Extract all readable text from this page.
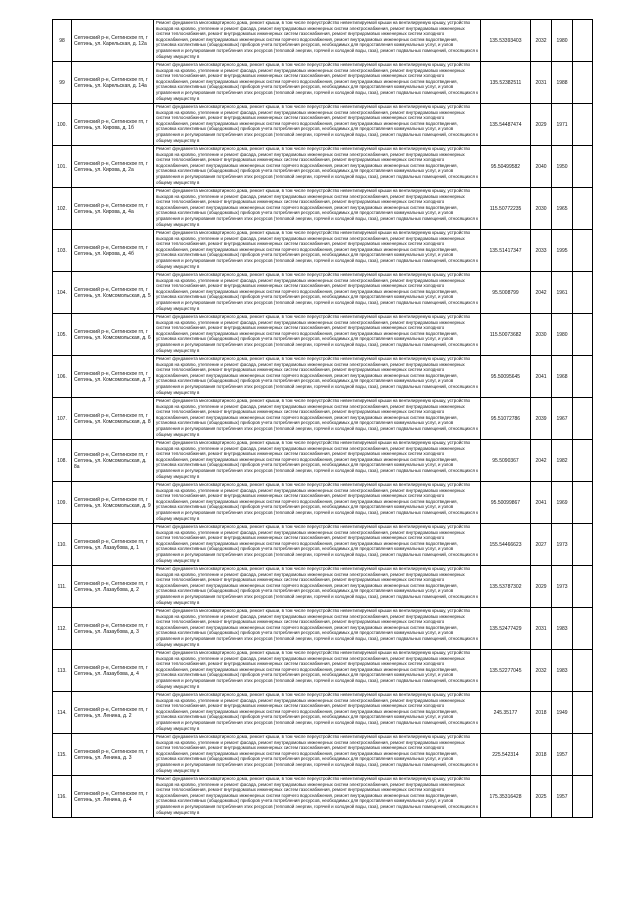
98	Сеггинский р-н, Сеггинское гп, г Сеггинь, ул. Карельская, д. 12а	Ремонт фундамента многоквартирного дома, ремонт крыши, в том числе переустройство невентилируемой крыши на вентилируемую крышу, устройство выходов на кровлю, утепление и ремонт фасада, ремонт внутридомовых инженерных систем электроснабжения, ремонт внутридомовых инженерных систем теплоснабжения, ремонт внутридомовых инженерных систем газоснабжения, ремонт внутридомовых инженерных систем холодного водоснабжения, ремонт внутридомовых инженерных систем горячего водоснабжения, ремонт внутридомовых инженерных систем водоотведения, установка коллективных (общедомовых) приборов учета потребления ресурсов, необходимых для предоставления коммунальных услуг, и узлов управления и регулирования потребления этих ресурсов (тепловой энергии, горячей и холодной воды, газа), ремонт подвальных помещений, относящихся к общему имуществу в	135.53393403	2032	1980	
99	Сеггинский р-н, Сеггинское гп, г Сеггинь, ул. Карельская, д. 14а	Ремонт фундамента многоквартирного дома, ремонт крыши, в том числе переустройство невентилируемой крыши на вентилируемую крышу, устройство выходов на кровлю, утепление и ремонт фасада, ремонт внутридомовых инженерных систем электроснабжения, ремонт внутридомовых инженерных систем теплоснабжения, ремонт внутридомовых инженерных систем газоснабжения, ремонт внутридомовых инженерных систем холодного водоснабжения, ремонт внутридомовых инженерных систем горячего водоснабжения, ремонт внутридомовых инженерных систем водоотведения, установка коллективных (общедомовых) приборов учета потребления ресурсов, необходимых для предоставления коммунальных услуг, и узлов управления и регулирования потребления этих ресурсов (тепловой энергии, горячей и холодной воды, газа), ремонт подвальных помещений, относящихся к общему имуществу в	135.52382511	2031	1988	
100.	Сеггинский р-н, Сеггинское гп, г Сеггинь, ул. Кирова, д. 1б	Ремонт фундамента многоквартирного дома, ремонт крыши, в том числе переустройство невентилируемой крыши на вентилируемую крышу, устройство выходов на кровлю, утепление и ремонт фасада, ремонт внутридомовых инженерных систем электроснабжения, ремонт внутридомовых инженерных систем теплоснабжения, ремонт внутридомовых инженерных систем газоснабжения, ремонт внутридомовых инженерных систем холодного водоснабжения, ремонт внутридомовых инженерных систем горячего водоснабжения, ремонт внутридомовых инженерных систем водоотведения, установка коллективных (общедомовых) приборов учета потребления ресурсов, необходимых для предоставления коммунальных услуг, и узлов управления и регулирования потребления этих ресурсов (тепловой энергии, горячей и холодной воды, газа), ремонт подвальных помещений, относящихся к общему имуществу в	135.54487474	2029	1971	
101.	Сеггинский р-н, Сеггинское гп, г Сеггинь, ул. Кирова, д. 2а	Ремонт фундамента многоквартирного дома, ремонт крыши, в том числе переустройство невентилируемой крыши на вентилируемую крышу, устройство выходов на кровлю, утепление и ремонт фасада, ремонт внутридомовых инженерных систем электроснабжения, ремонт внутридомовых инженерных систем теплоснабжения, ремонт внутридомовых инженерных систем газоснабжения, ремонт внутридомовых инженерных систем холодного водоснабжения, ремонт внутридомовых инженерных систем горячего водоснабжения, ремонт внутридомовых инженерных систем водоотведения, установка коллективных (общедомовых) приборов учета потребления ресурсов, необходимых для предоставления коммунальных услуг, и узлов управления и регулирования потребления этих ресурсов (тепловой энергии, горячей и холодной воды, газа), ремонт подвальных помещений, относящихся к общему имуществу в	95.50499582	2040	1950	
102.	Сеггинский р-н, Сеггинское гп, г Сеггинь, ул. Кирова, д. 4а	Ремонт фундамента многоквартирного дома, ремонт крыши, в том числе переустройство невентилируемой крыши на вентилируемую крышу, устройство выходов на кровлю, утепление и ремонт фасада, ремонт внутридомовых инженерных систем электроснабжения, ремонт внутридомовых инженерных систем теплоснабжения, ремонт внутридомовых инженерных систем газоснабжения, ремонт внутридомовых инженерных систем холодного водоснабжения, ремонт внутридомовых инженерных систем горячего водоснабжения, ремонт внутридомовых инженерных систем водоотведения, установка коллективных (общедомовых) приборов учета потребления ресурсов, необходимых для предоставления коммунальных услуг, и узлов управления и регулирования потребления этих ресурсов (тепловой энергии, горячей и холодной воды, газа), ремонт подвальных помещений, относящихся к общему имуществу в	115.50772235	2030	1965	
103.	Сеггинский р-н, Сеггинское гп, г Сеггинь, ул. Кирова, д. 4б	Ремонт фундамента многоквартирного дома, ремонт крыши, в том числе переустройство невентилируемой крыши на вентилируемую крышу, устройство выходов на кровлю, утепление и ремонт фасада, ремонт внутридомовых инженерных систем электроснабжения, ремонт внутридомовых инженерных систем теплоснабжения, ремонт внутридомовых инженерных систем газоснабжения, ремонт внутридомовых инженерных систем холодного водоснабжения, ремонт внутридомовых инженерных систем горячего водоснабжения, ремонт внутридомовых инженерных систем водоотведения, установка коллективных (общедомовых) приборов учета потребления ресурсов, необходимых для предоставления коммунальных услуг, и узлов управления и регулирования потребления этих ресурсов (тепловой энергии, горячей и холодной воды, газа), ремонт подвальных помещений, относящихся к общему имуществу в	135.51417347	2033	1995	
104.	Сеггинский р-н, Сеггинское гп, г Сеггинь, ул. Комсомольская, д. 5	Ремонт фундамента многоквартирного дома, ремонт крыши, в том числе переустройство невентилируемой крыши на вентилируемую крышу, устройство выходов на кровлю, утепление и ремонт фасада, ремонт внутридомовых инженерных систем электроснабжения, ремонт внутридомовых инженерных систем теплоснабжения, ремонт внутридомовых инженерных систем газоснабжения, ремонт внутридомовых инженерных систем холодного водоснабжения, ремонт внутридомовых инженерных систем горячего водоснабжения, ремонт внутридомовых инженерных систем водоотведения, установка коллективных (общедомовых) приборов учета потребления ресурсов, необходимых для предоставления коммунальных услуг, и узлов управления и регулирования потребления этих ресурсов (тепловой энергии, горячей и холодной воды, газа), ремонт подвальных помещений, относящихся к общему имуществу в	95.5008799	2042	1961	
105.	Сеггинский р-н, Сеггинское гп, г Сеггинь, ул. Комсомольская, д. 6	Ремонт фундамента многоквартирного дома, ремонт крыши, в том числе переустройство невентилируемой крыши на вентилируемую крышу, устройство выходов на кровлю, утепление и ремонт фасада, ремонт внутридомовых инженерных систем электроснабжения, ремонт внутридомовых инженерных систем теплоснабжения, ремонт внутридомовых инженерных систем газоснабжения, ремонт внутридомовых инженерных систем холодного водоснабжения, ремонт внутридомовых инженерных систем горячего водоснабжения, ремонт внутридомовых инженерных систем водоотведения, установка коллективных (общедомовых) приборов учета потребления ресурсов, необходимых для предоставления коммунальных услуг, и узлов управления и регулирования потребления этих ресурсов (тепловой энергии, горячей и холодной воды, газа), ремонт подвальных помещений, относящихся к общему имуществу в	115.50073682	2030	1980	
106.	Сеггинский р-н, Сеггинское гп, г Сеггинь, ул. Комсомольская, д. 7	Ремонт фундамента многоквартирного дома, ремонт крыши, в том числе переустройство невентилируемой крыши на вентилируемую крышу, устройство выходов на кровлю, утепление и ремонт фасада, ремонт внутридомовых инженерных систем электроснабжения, ремонт внутридомовых инженерных систем теплоснабжения, ремонт внутридомовых инженерных систем газоснабжения, ремонт внутридомовых инженерных систем холодного водоснабжения, ремонт внутридомовых инженерных систем горячего водоснабжения, ремонт внутридомовых инженерных систем водоотведения, установка коллективных (общедомовых) приборов учета потребления ресурсов, необходимых для предоставления коммунальных услуг, и узлов управления и регулирования потребления этих ресурсов (тепловой энергии, горячей и холодной воды, газа), ремонт подвальных помещений, относящихся к общему имуществу в	95.50095645	2041	1968	
107.	Сеггинский р-н, Сеггинское гп, г Сеггинь, ул. Комсомольская, д. 8	Ремонт фундамента многоквартирного дома, ремонт крыши, в том числе переустройство невентилируемой крыши на вентилируемую крышу, устройство выходов на кровлю, утепление и ремонт фасада, ремонт внутридомовых инженерных систем электроснабжения, ремонт внутридомовых инженерных систем теплоснабжения, ремонт внутридомовых инженерных систем газоснабжения, ремонт внутридомовых инженерных систем холодного водоснабжения, ремонт внутридомовых инженерных систем горячего водоснабжения, ремонт внутридомовых инженерных систем водоотведения, установка коллективных (общедомовых) приборов учета потребления ресурсов, необходимых для предоставления коммунальных услуг, и узлов управления и регулирования потребления этих ресурсов (тепловой энергии, горячей и холодной воды, газа), ремонт подвальных помещений, относящихся к общему имуществу в	95.51072786	2039	1967	
108.	Сеггинский р-н, Сеггинское гп, г Сеггинь, ул. Комсомольская, д. 8а	Ремонт фундамента многоквартирного дома, ремонт крыши, в том числе переустройство невентилируемой крыши на вентилируемую крышу, устройство выходов на кровлю, утепление и ремонт фасада, ремонт внутридомовых инженерных систем электроснабжения, ремонт внутридомовых инженерных систем теплоснабжения, ремонт внутридомовых инженерных систем газоснабжения, ремонт внутридомовых инженерных систем холодного водоснабжения, ремонт внутридомовых инженерных систем горячего водоснабжения, ремонт внутридомовых инженерных систем водоотведения, установка коллективных (общедомовых) приборов учета потребления ресурсов, необходимых для предоставления коммунальных услуг, и узлов управления и регулирования потребления этих ресурсов (тепловой энергии, горячей и холодной воды, газа), ремонт подвальных помещений, относящихся к общему имуществу в	95.5090367	2042	1982	
109.	Сеггинский р-н, Сеггинское гп, г Сеггинь, ул. Комсомольская, д. 9	Ремонт фундамента многоквартирного дома, ремонт крыши, в том числе переустройство невентилируемой крыши на вентилируемую крышу, устройство выходов на кровлю, утепление и ремонт фасада, ремонт внутридомовых инженерных систем электроснабжения, ремонт внутридомовых инженерных систем теплоснабжения, ремонт внутридомовых инженерных систем газоснабжения, ремонт внутридомовых инженерных систем холодного водоснабжения, ремонт внутридомовых инженерных систем горячего водоснабжения, ремонт внутридомовых инженерных систем водоотведения, установка коллективных (общедомовых) приборов учета потребления ресурсов, необходимых для предоставления коммунальных услуг, и узлов управления и регулирования потребления этих ресурсов (тепловой энергии, горячей и холодной воды, газа), ремонт подвальных помещений, относящихся к общему имуществу в	95.50099867	2041	1969	
110.	Сеггинский р-н, Сеггинское гп, г Сеггинь, ул. Лазаубова, д. 1	Ремонт фундамента многоквартирного дома, ремонт крыши, в том числе переустройство невентилируемой крыши на вентилируемую крышу, устройство выходов на кровлю, утепление и ремонт фасада, ремонт внутридомовых инженерных систем электроснабжения, ремонт внутридомовых инженерных систем теплоснабжения, ремонт внутридомовых инженерных систем газоснабжения, ремонт внутридомовых инженерных систем холодного водоснабжения, ремонт внутридомовых инженерных систем горячего водоснабжения, ремонт внутридомовых инженерных систем водоотведения, установка коллективных (общедомовых) приборов учета потребления ресурсов, необходимых для предоставления коммунальных услуг, и узлов управления и регулирования потребления этих ресурсов (тепловой энергии, горячей и холодной воды, газа), ремонт подвальных помещений, относящихся к общему имуществу в	155.54466623	2027	1973	
111.	Сеггинский р-н, Сеггинское гп, г Сеггинь, ул. Лазаубова, д. 2	Ремонт фундамента многоквартирного дома, ремонт крыши, в том числе переустройство невентилируемой крыши на вентилируемую крышу, устройство выходов на кровлю, утепление и ремонт фасада, ремонт внутридомовых инженерных систем электроснабжения, ремонт внутридомовых инженерных систем теплоснабжения, ремонт внутридомовых инженерных систем газоснабжения, ремонт внутридомовых инженерных систем холодного водоснабжения, ремонт внутридомовых инженерных систем горячего водоснабжения, ремонт внутридомовых инженерных систем водоотведения, установка коллективных (общедомовых) приборов учета потребления ресурсов, необходимых для предоставления коммунальных услуг, и узлов управления и регулирования потребления этих ресурсов (тепловой энергии, горячей и холодной воды, газа), ремонт подвальных помещений, относящихся к общему имуществу в	135.53787302	2029	1973	
112.	Сеггинский р-н, Сеггинское гп, г Сеггинь, ул. Лазаубова, д. 3	Ремонт фундамента многоквартирного дома, ремонт крыши, в том числе переустройство невентилируемой крыши на вентилируемую крышу, устройство выходов на кровлю, утепление и ремонт фасада, ремонт внутридомовых инженерных систем электроснабжения, ремонт внутридомовых инженерных систем теплоснабжения, ремонт внутридомовых инженерных систем газоснабжения, ремонт внутридомовых инженерных систем холодного водоснабжения, ремонт внутридомовых инженерных систем горячего водоснабжения, ремонт внутридомовых инженерных систем водоотведения, установка коллективных (общедомовых) приборов учета потребления ресурсов, необходимых для предоставления коммунальных услуг, и узлов управления и регулирования потребления этих ресурсов (тепловой энергии, горячей и холодной воды, газа), ремонт подвальных помещений, относящихся к общему имуществу в	135.52477429	2031	1983	
113.	Сеггинский р-н, Сеггинское гп, г Сеггинь, ул. Лазаубова, д. 4	Ремонт фундамента многоквартирного дома, ремонт крыши, в том числе переустройство невентилируемой крыши на вентилируемую крышу, устройство выходов на кровлю, утепление и ремонт фасада, ремонт внутридомовых инженерных систем электроснабжения, ремонт внутридомовых инженерных систем теплоснабжения, ремонт внутридомовых инженерных систем газоснабжения, ремонт внутридомовых инженерных систем холодного водоснабжения, ремонт внутридомовых инженерных систем горячего водоснабжения, ремонт внутридомовых инженерных систем водоотведения, установка коллективных (общедомовых) приборов учета потребления ресурсов, необходимых для предоставления коммунальных услуг, и узлов управления и регулирования потребления этих ресурсов (тепловой энергии, горячей и холодной воды, газа), ремонт подвальных помещений, относящихся к общему имуществу в	135.52277045	2032	1983	
114.	Сеггинский р-н, Сеггинское гп, г Сеггинь, ул. Ленина, д. 2	Ремонт фундамента многоквартирного дома, ремонт крыши, в том числе переустройство невентилируемой крыши на вентилируемую крышу, устройство выходов на кровлю, утепление и ремонт фасада, ремонт внутридомовых инженерных систем электроснабжения, ремонт внутридомовых инженерных систем теплоснабжения, ремонт внутридомовых инженерных систем газоснабжения, ремонт внутридомовых инженерных систем холодного водоснабжения, ремонт внутридомовых инженерных систем горячего водоснабжения, ремонт внутридомовых инженерных систем водоотведения, установка коллективных (общедомовых) приборов учета потребления ресурсов, необходимых для предоставления коммунальных услуг, и узлов управления и регулирования потребления этих ресурсов (тепловой энергии, горячей и холодной воды, газа), ремонт подвальных помещений, относящихся к общему имуществу в	245.35177	2018	1949	
115.	Сеггинский р-н, Сеггинское гп, г Сеггинь, ул. Ленина, д. 3	Ремонт фундамента многоквартирного дома, ремонт крыши, в том числе переустройство невентилируемой крыши на вентилируемую крышу, устройство выходов на кровлю, утепление и ремонт фасада, ремонт внутридомовых инженерных систем электроснабжения, ремонт внутридомовых инженерных систем теплоснабжения, ремонт внутридомовых инженерных систем газоснабжения, ремонт внутридомовых инженерных систем холодного водоснабжения, ремонт внутридомовых инженерных систем горячего водоснабжения, ремонт внутридомовых инженерных систем водоотведения, установка коллективных (общедомовых) приборов учета потребления ресурсов, необходимых для предоставления коммунальных услуг, и узлов управления и регулирования потребления этих ресурсов (тепловой энергии, горячей и холодной воды, газа), ремонт подвальных помещений, относящихся к общему имуществу в	225.542314	2018	1957	
116.	Сеггинский р-н, Сеггинское гп, г Сеггинь, ул. Ленина, д. 4	Ремонт фундамента многоквартирного дома, ремонт крыши, в том числе переустройство невентилируемой крыши на вентилируемую крышу, устройство выходов на кровлю, утепление и ремонт фасада, ремонт внутридомовых инженерных систем электроснабжения, ремонт внутридомовых инженерных систем теплоснабжения, ремонт внутридомовых инженерных систем газоснабжения, ремонт внутридомовых инженерных систем холодного водоснабжения, ремонт внутридомовых инженерных систем горячего водоснабжения, ремонт внутридомовых инженерных систем водоотведения, установка коллективных (общедомовых) приборов учета потребления ресурсов, необходимых для предоставления коммунальных услуг, и узлов управления и регулирования потребления этих ресурсов (тепловой энергии, горячей и холодной воды, газа), ремонт подвальных помещений, относящихся к общему имуществу в	175.35316428	2025	1957	
